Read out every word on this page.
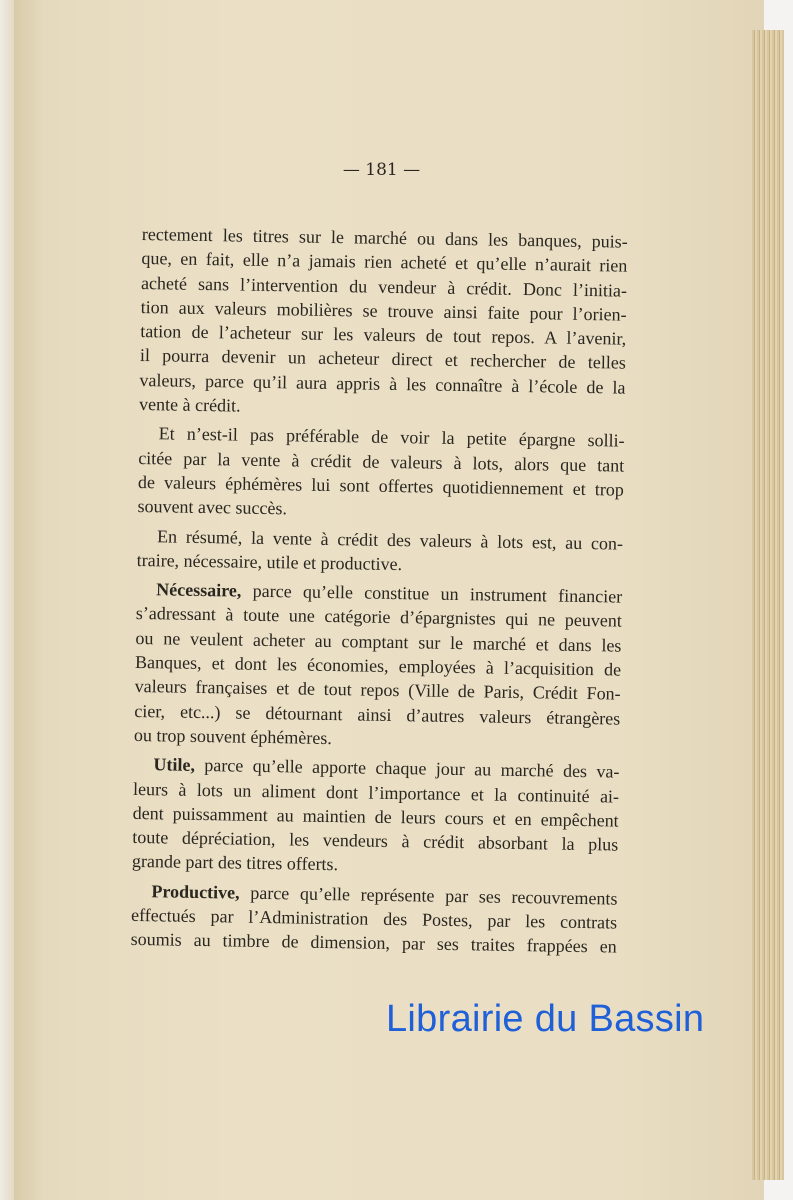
— 181 —
rectement les titres sur le marché ou dans les banques, puis-
que, en fait, elle n’a jamais rien acheté et qu’elle n’aurait rien
acheté sans l’intervention du vendeur à crédit. Donc l’initia-
tion aux valeurs mobilières se trouve ainsi faite pour l’orien-
tation de l’acheteur sur les valeurs de tout repos. A l’avenir,
il pourra devenir un acheteur direct et rechercher de telles
valeurs, parce qu’il aura appris à les connaître à l’école de la
vente à crédit.
Et n’est-il pas préférable de voir la petite épargne solli-
citée par la vente à crédit de valeurs à lots, alors que tant
de valeurs éphémères lui sont offertes quotidiennement et trop
souvent avec succès.
En résumé, la vente à crédit des valeurs à lots est, au con-
traire, nécessaire, utile et productive.
Nécessaire, parce qu’elle constitue un instrument financier
s’adressant à toute une catégorie d’épargnistes qui ne peuvent
ou ne veulent acheter au comptant sur le marché et dans les
Banques, et dont les économies, employées à l’acquisition de
valeurs françaises et de tout repos (Ville de Paris, Crédit Fon-
cier, etc...) se détournant ainsi d’autres valeurs étrangères
ou trop souvent éphémères.
Utile, parce qu’elle apporte chaque jour au marché des va-
leurs à lots un aliment dont l’importance et la continuité ai-
dent puissamment au maintien de leurs cours et en empêchent
toute dépréciation, les vendeurs à crédit absorbant la plus
grande part des titres offerts.
Productive, parce qu’elle représente par ses recouvrements
effectués par l’Administration des Postes, par les contrats
soumis au timbre de dimension, par ses traites frappées en
Librairie du Bassin
